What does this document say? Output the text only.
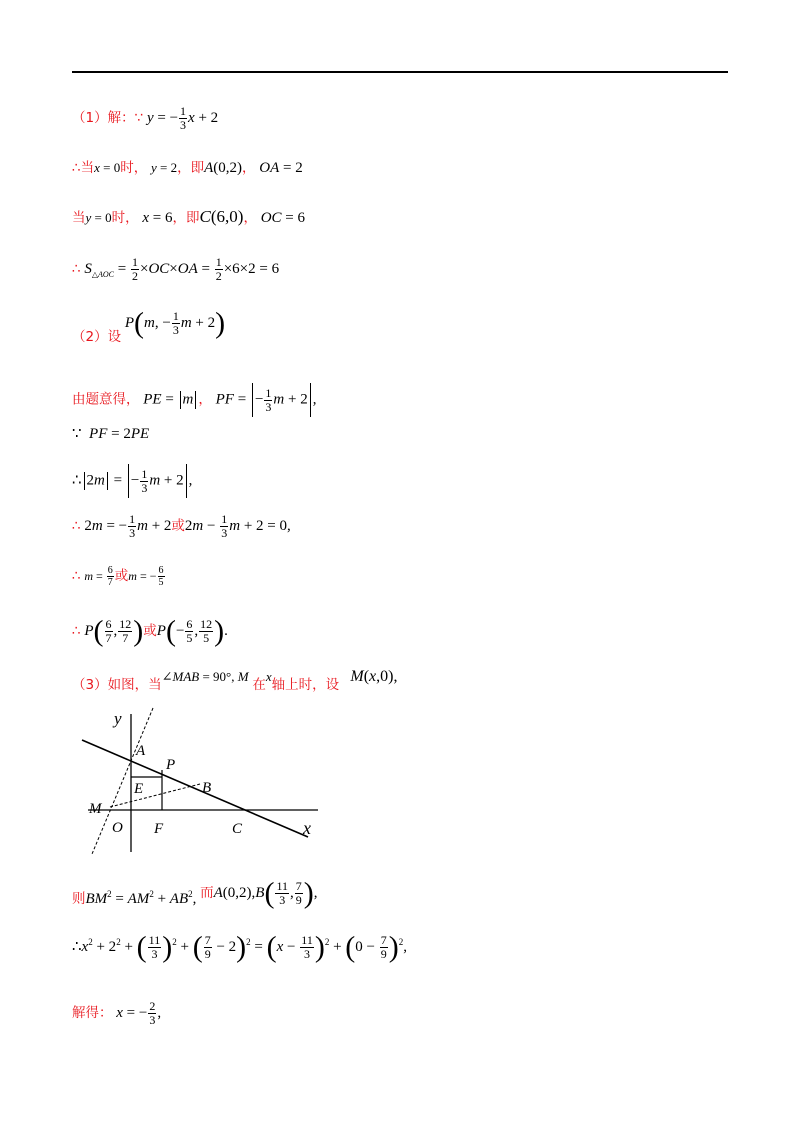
（1）解：∵ y = − $\frac{1}{3}$ x + 2
∴当x = 0时， y = 2，即A(0,2)， OA = 2
当y = 0时， x = 6，即C(6,0)， OC = 6
∴ $S_{\triangle AOC} = \frac{1}{2} \times OC\times OA = \frac{1}{2} \times 6\times 2 = 6$
（2）设 P(m, − $\frac{1}{3}$ m + 2)
由题意得， PE = m ， PF = − $\frac{1}{3}$ m + 2 ,
∵ PF = 2PE
∴ 2m = − $\frac{1}{3}$ m + 2 ,
∴ 2m = − $\frac{1}{3}$ m + 2或$2m - \frac{1}{3}$ m + 2 = 0,
∴ $m = \frac{6}{7}$ 或m = − $\frac{6}{5}$
∴ $P( \frac{6}{7}$ , $\frac{12}{7}$ )或$P(- \frac{6}{5}$ , $\frac{12}{5}$ ).
（3）如图，当∠MAB = 90°, M 在x轴上时，设 M(x,0),
y
A
P
E	B
M
O F	C	x
则$BM^2 = AM^2 + AB^2$, 而$A(0,2),B( \frac{11}{3}$ , $\frac{7}{9}$ ),
$\therefore x^2 + 2^2$ + ( $\frac{11}{3} )^2$ + ( $\frac{7}{9} - 2)^2 = (x - \frac{11}{3} )^2 + (0 - \frac{7}{9} )^2$,
解得： x = − $\frac{2}{3}$ ,
